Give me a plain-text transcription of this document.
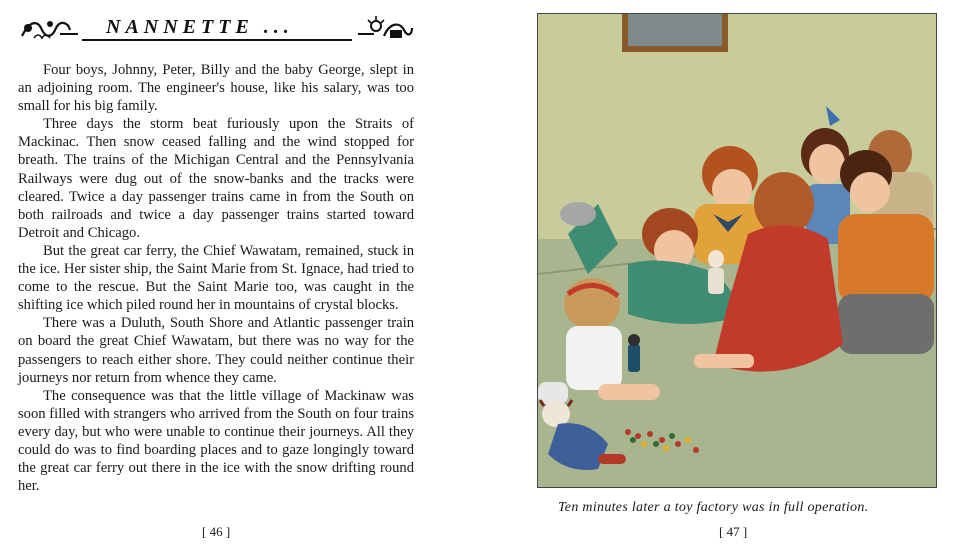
NANNETTE ...

Four boys, Johnny, Peter, Billy and the baby George, slept in an adjoining room. The engineer's house, like his salary, was too small for his big family.

Three days the storm beat furiously upon the Straits of Mackinac. Then snow ceased falling and the wind stopped for breath. The trains of the Michigan Central and the Pennsylvania Railways were dug out of the snow-banks and the tracks were cleared. Twice a day passenger trains came in from the South on both railroads and twice a day passenger trains started toward Detroit and Chicago.

But the great car ferry, the Chief Wawatam, remained, stuck in the ice. Her sister ship, the Saint Marie from St. Ignace, had tried to come to the rescue. But the Saint Marie too, was caught in the shifting ice which piled round her in mountains of crystal blocks.

There was a Duluth, South Shore and Atlantic passenger train on board the great Chief Wawatam, but there was no way for the passengers to reach either shore. They could neither continue their journeys nor return from whence they came.

The consequence was that the little village of Mackinaw was soon filled with strangers who arrived from the South on four trains every day, but who were unable to continue their journeys. All they could do was to find boarding places and to gaze longingly toward the great car ferry out there in the ice with the snow drifting round her.

[ 46 ]
Ten minutes later a toy factory was in full operation.
[ 47 ]
